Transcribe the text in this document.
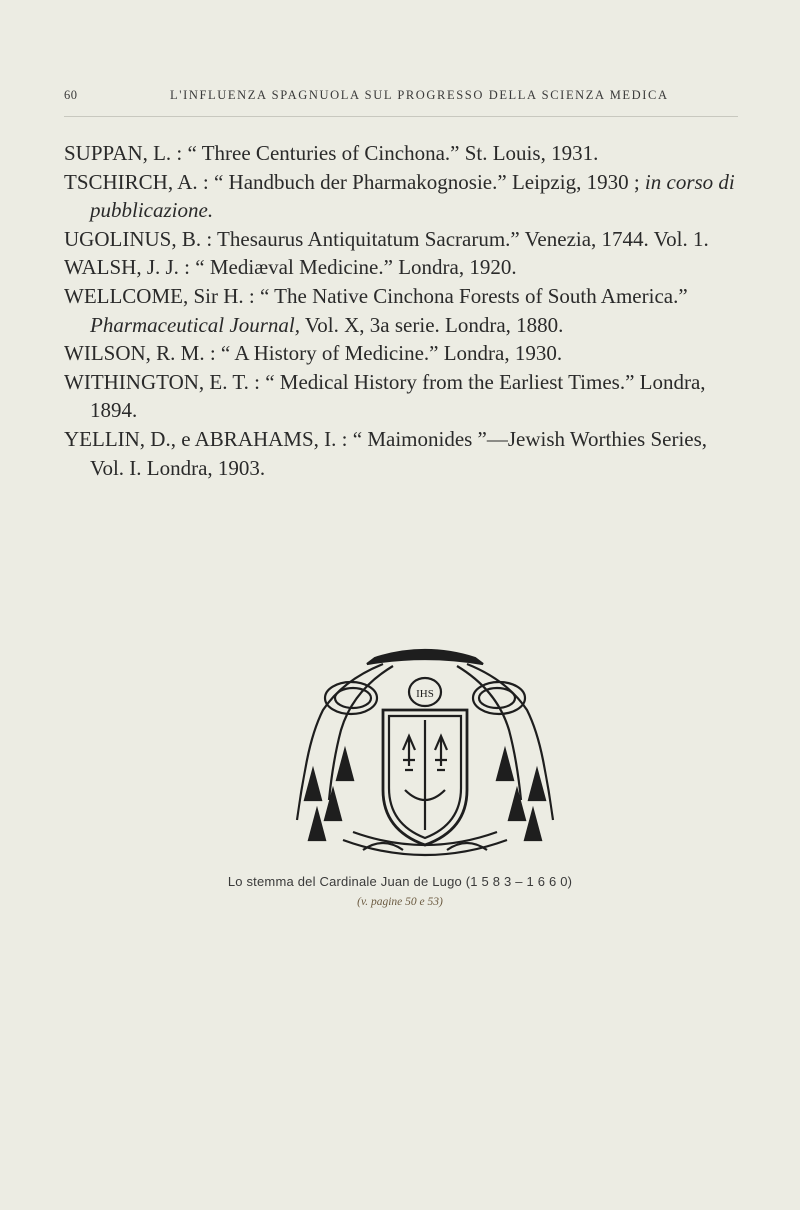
60	L'INFLUENZA SPAGNUOLA SUL PROGRESSO DELLA SCIENZA MEDICA
SUPPAN, L. : “ Three Centuries of Cinchona.” St. Louis, 1931.
TSCHIRCH, A. : “ Handbuch der Pharmakognosie.” Leipzig, 1930 ; in corso di pubblicazione.
UGOLINUS, B. : Thesaurus Antiquitatum Sacrarum.” Venezia, 1744. Vol. 1.
WALSH, J. J. : “ Mediæval Medicine.” Londra, 1920.
WELLCOME, Sir H. : “ The Native Cinchona Forests of South America.” Pharmaceutical Journal, Vol. X, 3a serie. Londra, 1880.
WILSON, R. M. : “ A History of Medicine.” Londra, 1930.
WITHINGTON, E. T. : “ Medical History from the Earliest Times.” Londra, 1894.
YELLIN, D., e ABRAHAMS, I. : “ Maimonides ”—Jewish Worthies Series, Vol. I. Londra, 1903.
IHS
Lo stemma del Cardinale Juan de Lugo (1 5 8 3 – 1 6 6 0)
(v. pagine 50 e 53)
